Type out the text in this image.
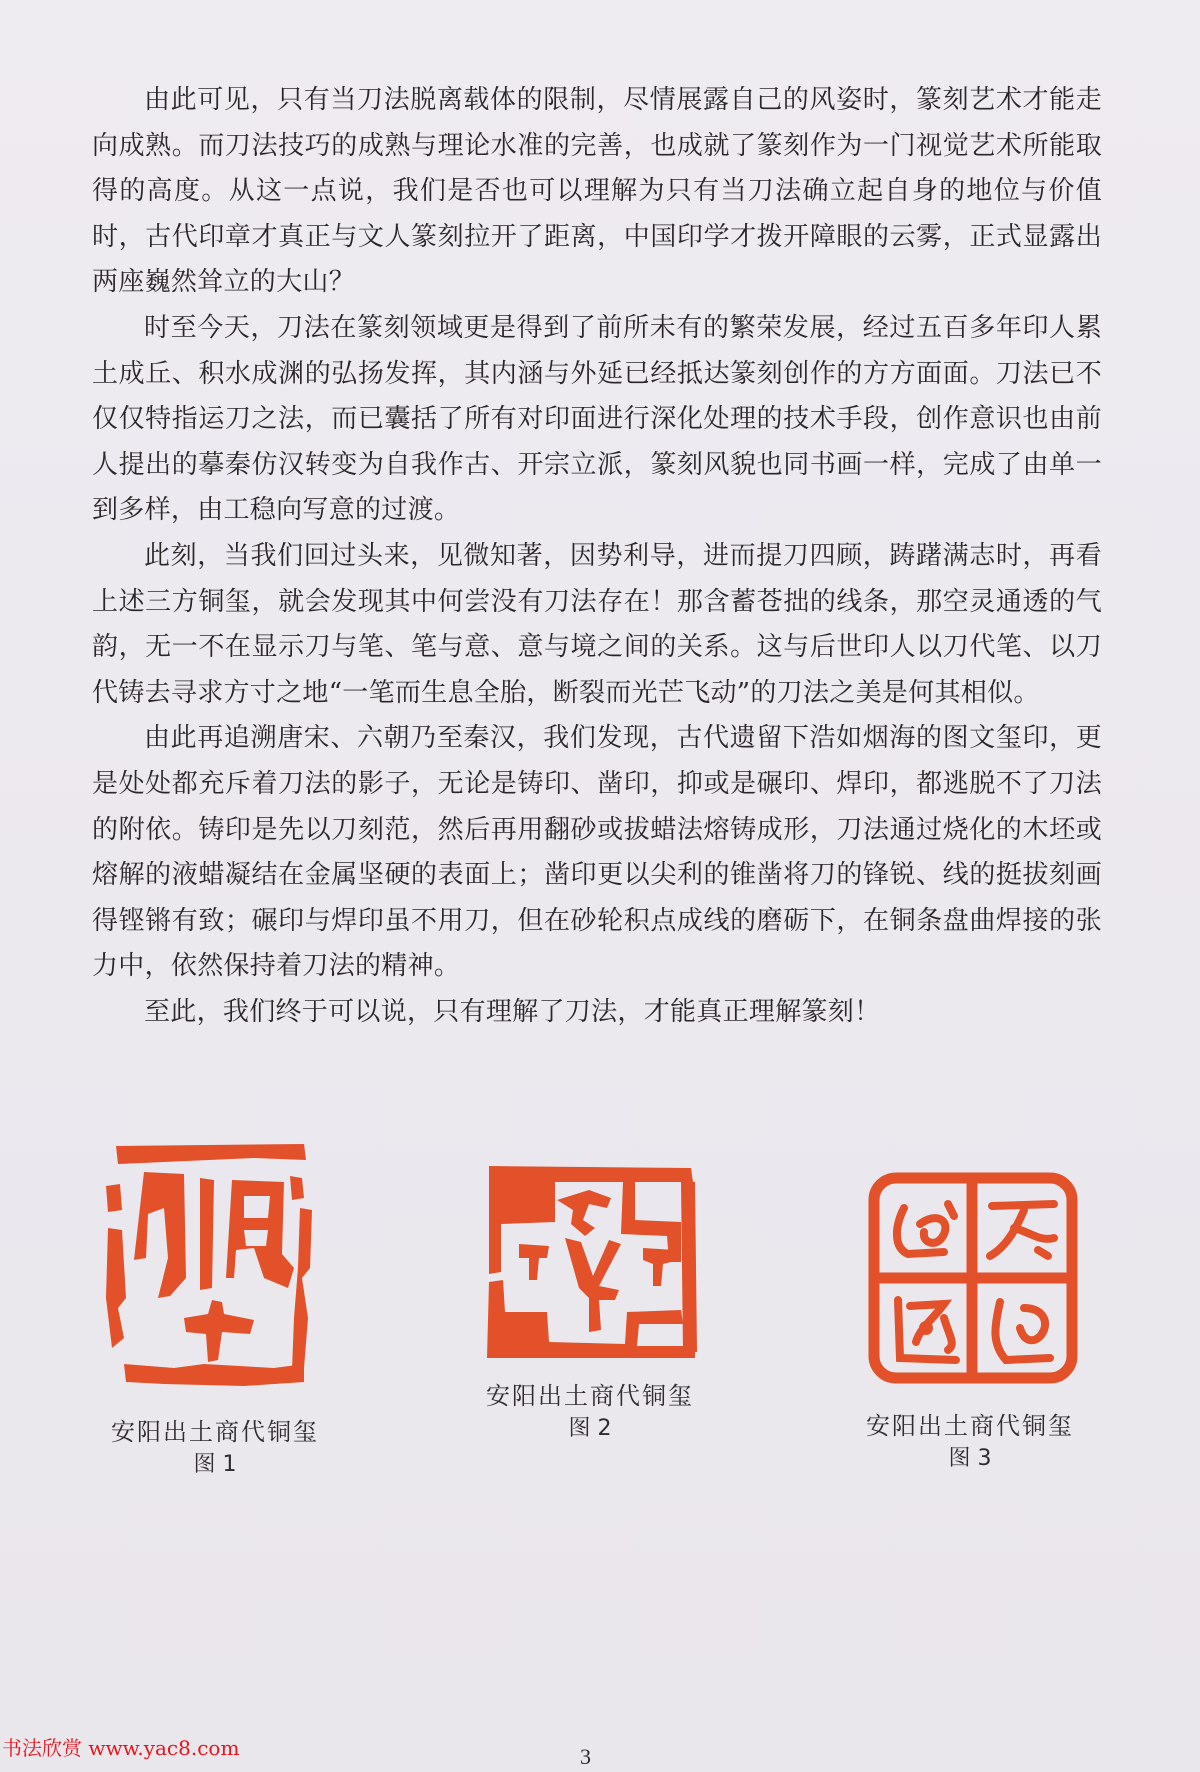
由此可见，只有当刀法脱离载体的限制，尽情展露自己的风姿时，篆刻艺术才能走向成熟。而刀法技巧的成熟与理论水准的完善，也成就了篆刻作为一门视觉艺术所能取得的高度。从这一点说，我们是否也可以理解为只有当刀法确立起自身的地位与价值时，古代印章才真正与文人篆刻拉开了距离，中国印学才拨开障眼的云雾，正式显露出两座巍然耸立的大山？

时至今天，刀法在篆刻领域更是得到了前所未有的繁荣发展，经过五百多年印人累土成丘、积水成渊的弘扬发挥，其内涵与外延已经抵达篆刻创作的方方面面。刀法已不仅仅特指运刀之法，而已囊括了所有对印面进行深化处理的技术手段，创作意识也由前人提出的摹秦仿汉转变为自我作古、开宗立派，篆刻风貌也同书画一样，完成了由单一到多样，由工稳向写意的过渡。

此刻，当我们回过头来，见微知著，因势利导，进而提刀四顾，踌躇满志时，再看上述三方铜玺，就会发现其中何尝没有刀法存在！那含蓄苍拙的线条，那空灵通透的气韵，无一不在显示刀与笔、笔与意、意与境之间的关系。这与后世印人以刀代笔、以刀代铸去寻求方寸之地“一笔而生息全胎，断裂而光芒飞动”的刀法之美是何其相似。

由此再追溯唐宋、六朝乃至秦汉，我们发现，古代遗留下浩如烟海的图文玺印，更是处处都充斥着刀法的影子，无论是铸印、凿印，抑或是碾印、焊印，都逃脱不了刀法的附依。铸印是先以刀刻范，然后再用翻砂或拔蜡法熔铸成形，刀法通过烧化的木坯或熔解的液蜡凝结在金属坚硬的表面上；凿印更以尖利的锥凿将刀的锋锐、线的挺拔刻画得铿锵有致；碾印与焊印虽不用刀，但在砂轮积点成线的磨砺下，在铜条盘曲焊接的张力中，依然保持着刀法的精神。

至此，我们终于可以说，只有理解了刀法，才能真正理解篆刻！

安阳出土商代铜玺
图 1
安阳出土商代铜玺
图 2	安阳出土商代铜玺
图 3
书法欣赏 www.yac8.com	3
